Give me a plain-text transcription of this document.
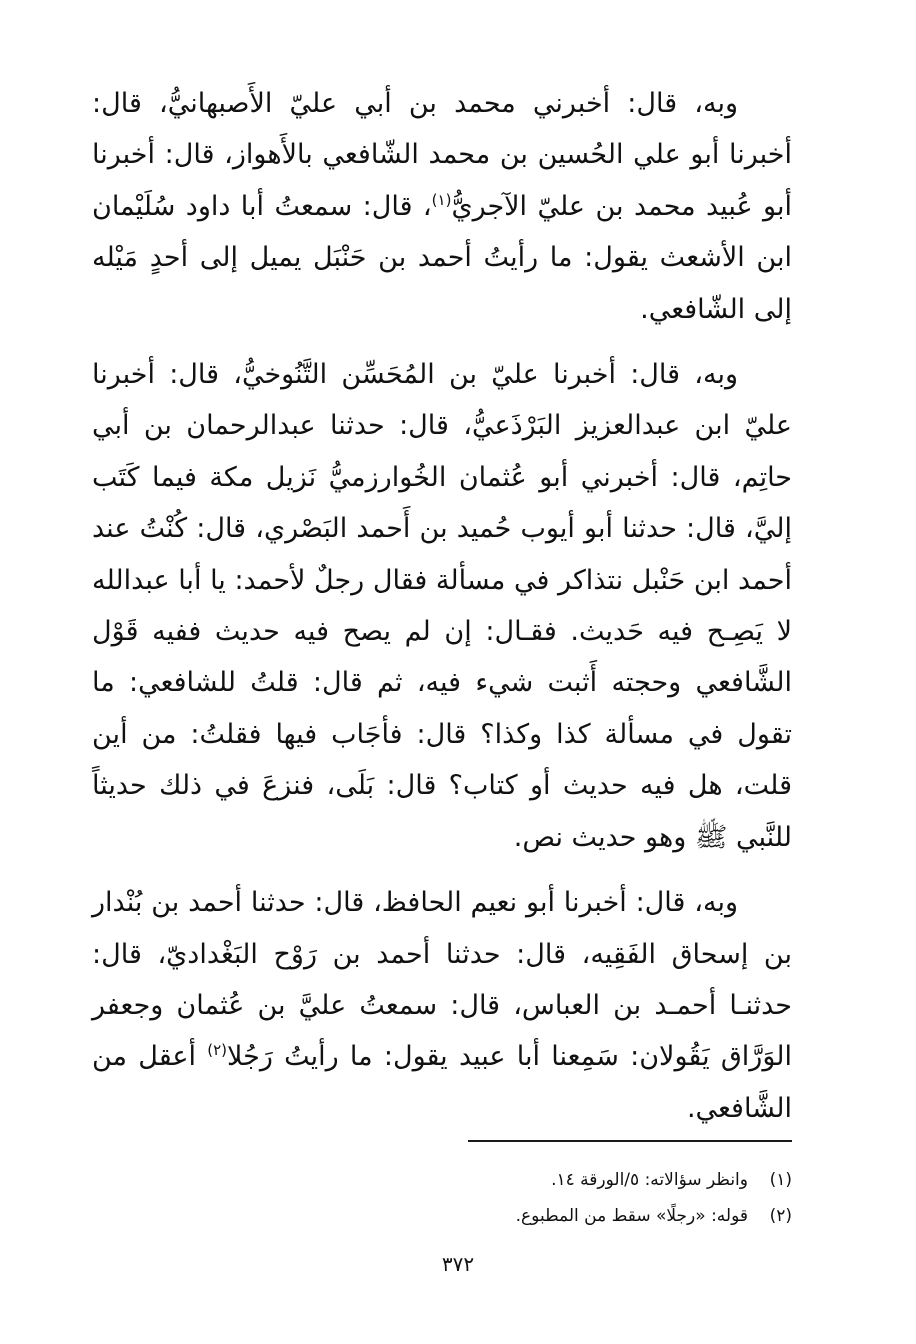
وبه، قال: أخبرني محمد بن أبي عليّ الأَصبهانيُّ، قال: أخبرنا أبو علي الحُسين بن محمد الشّافعي بالأَهواز، قال: أخبرنا أبو عُبيد محمد بن عليّ الآجريُّ$^{(١)}$، قال: سمعتُ أبا داود سُلَيْمان ابن الأشعث يقول: ما رأيتُ أحمد بن حَنْبَل يميل إلى أحدٍ مَيْله إلى الشّافعي.

وبه، قال: أخبرنا عليّ بن المُحَسِّن التَّنُوخيُّ، قال: أخبرنا عليّ ابن عبدالعزيز البَرْذَعيُّ، قال: حدثنا عبدالرحمان بن أبي حاتِم، قال: أخبرني أبو عُثمان الخُوارزميُّ نَزيل مكة فيما كَتَب إليَّ، قال: حدثنا أبو أيوب حُميد بن أَحمد البَصْري، قال: كُنْتُ عند أحمد ابن حَنْبل نتذاكر في مسألة فقال رجلٌ لأحمد: يا أبا عبدالله لا يَصِـح فيه حَديث. فقـال: إن لم يصح فيه حديث ففيه قَوْل الشَّافعي وحجته أَثبت شيء فيه، ثم قال: قلتُ للشافعي: ما تقول في مسألة كذا وكذا؟ قال: فأجَاب فيها فقلتُ: من أين قلت، هل فيه حديث أو كتاب؟ قال: بَلَى، فنزعَ في ذلك حديثاً للنَّبي ﷺ وهو حديث نص.

وبه، قال: أخبرنا أبو نعيم الحافظ، قال: حدثنا أحمد بن بُنْدار بن إسحاق الفَقِيه، قال: حدثنا أحمد بن رَوْح البَغْداديّ، قال: حدثنـا أحمـد بن العباس، قال: سمعتُ عليَّ بن عُثمان وجعفر الوَرَّاق يَقُولان: سَمِعنا أبا عبيد يقول: ما رأيتُ رَجُلا$^{(٢)}$ أعقل من الشَّافعي.

(١)وانظر سؤالاته: ٥/الورقة ١٤.

(٢)قوله: «رجلًا» سقط من المطبوع.

٣٧٢
